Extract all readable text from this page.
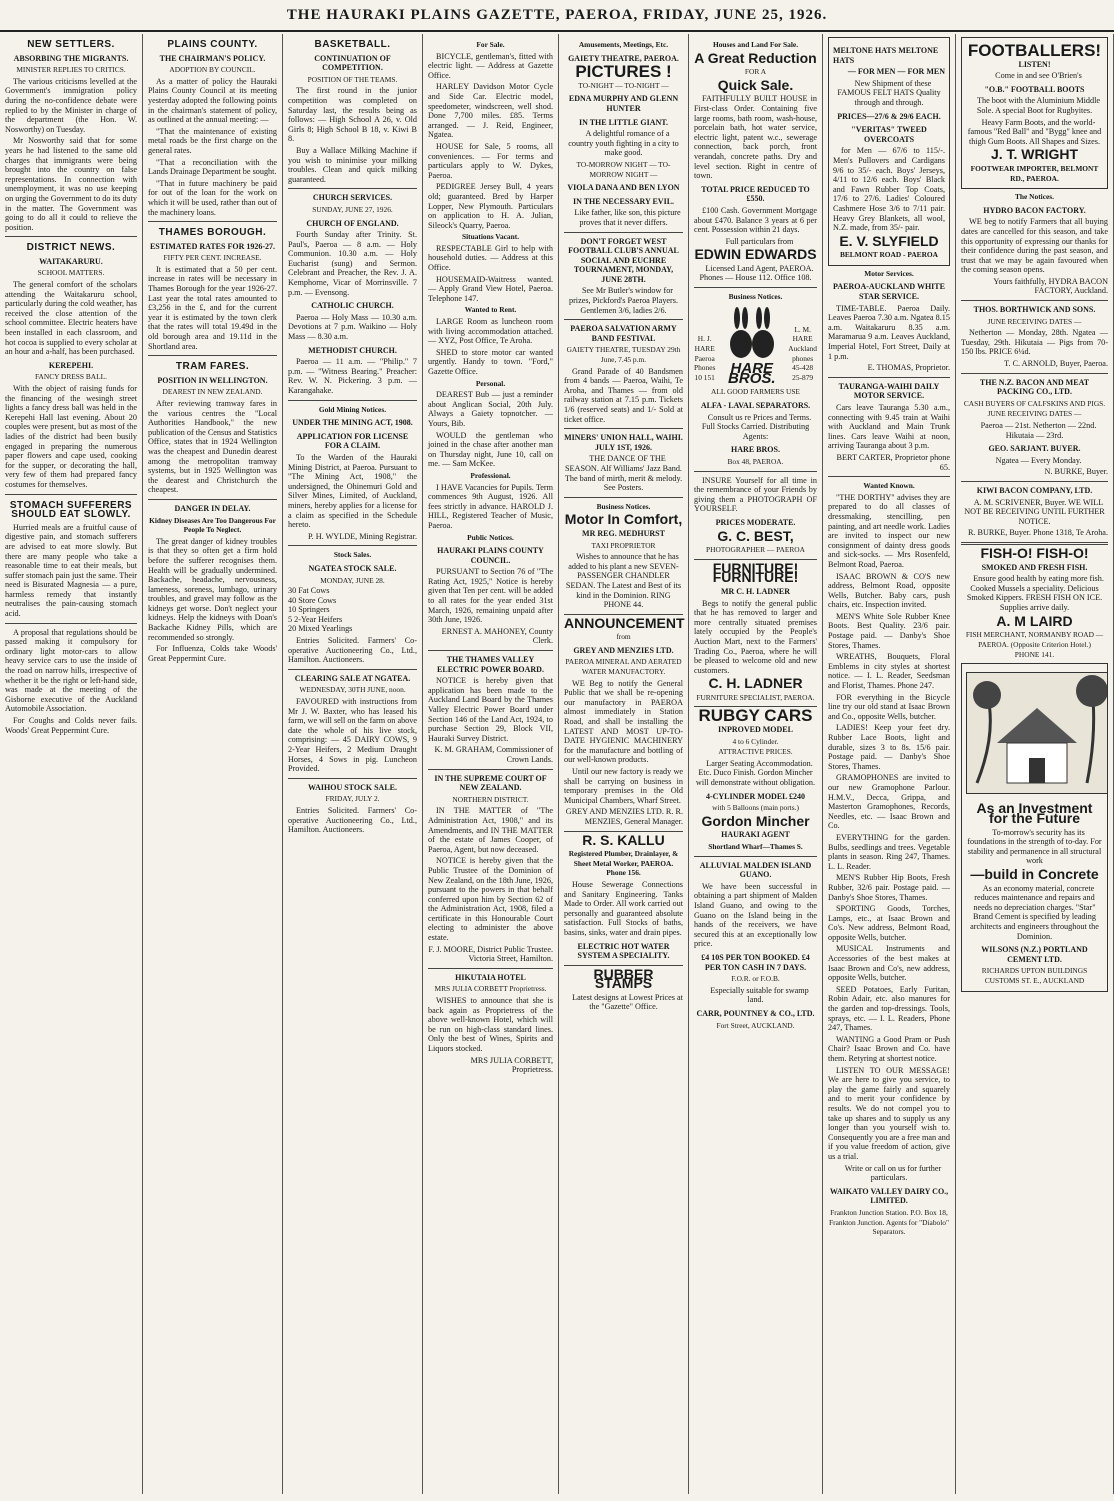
THE HAURAKI PLAINS GAZETTE, PAEROA, FRIDAY, JUNE 25, 1926.
NEW SETTLERS.
ABSORBING THE MIGRANTS.
MINISTER REPLIES TO CRITICS.

The various criticisms levelled at the Government's immigration policy during the no-confidence debate were replied to by the Minister in charge of the department (the Hon. W. Nosworthy) on Tuesday.

Mr Nosworthy said that for some years he had listened to the same old charges that immigrants were being brought into the country on false representations. In connection with unemployment, it was no use keeping on urging the Government to do its duty in the matter. The Government was going to do all it could to relieve the position.

DISTRICT NEWS.
WAITAKARURU.
SCHOOL MATTERS.

The general comfort of the scholars attending the Waitakaruru school, particularly during the cold weather, has received the close attention of the school committee. Electric heaters have been installed in each classroom, and hot cocoa is supplied to every scholar at an hour and a-half, has been purchased.

KEREPEHI.
FANCY DRESS BALL.

With the object of raising funds for the financing of the wesingh street lights a fancy dress ball was held in the Kerepehi Hall last evening. About 20 couples were present, but as most of the ladies of the district had been busily engaged in preparing the numerous paper flowers and cape used, cooking for the supper, or decorating the hall, very few of them had prepared fancy costumes for themselves.

STOMACH SUFFERERS SHOULD EAT SLOWLY.

Hurried meals are a fruitful cause of digestive pain, and stomach sufferers are advised to eat more slowly. But there are many people who take a reasonable time to eat their meals, but suffer stomach pain just the same. Their need is Bisurated Magnesia — a pure, harmless remedy that instantly neutralises the pain-causing stomach acid.

A proposal that regulations should be passed making it compulsory for ordinary light motor-cars to allow heavy service cars to use the inside of the road on narrow hills, irrespective of whether it be the right or left-hand side, was made at the meeting of the Gisborne executive of the Auckland Automobile Association.

For Coughs and Colds never fails. Woods' Great Peppermint Cure.

PLAINS COUNTY.
THE CHAIRMAN'S POLICY.
ADOPTION BY COUNCIL.

As a matter of policy the Hauraki Plains County Council at its meeting yesterday adopted the following points in the chairman's statement of policy, as outlined at the annual meeting: —

"That the maintenance of existing metal roads be the first charge on the general rates.

"That a reconciliation with the Lands Drainage Department be sought.

"That in future machinery be paid for out of the loan for the work on which it will be used, rather than out of the machinery loans.

THAMES BOROUGH.
ESTIMATED RATES FOR 1926-27.
FIFTY PER CENT. INCREASE.

It is estimated that a 50 per cent. increase in rates will be necessary in Thames Borough for the year 1926-27. Last year the total rates amounted to £3,256 in the £, and for the current year it is estimated by the town clerk that the rates will total 19.49d in the old borough area and 19.11d in the Shortland area.

TRAM FARES.
POSITION IN WELLINGTON.
DEAREST IN NEW ZEALAND.

After reviewing tramway fares in the various centres the "Local Authorities Handbook," the new publication of the Census and Statistics Office, states that in 1924 Wellington was the cheapest and Dunedin dearest among the metropolitan tramway systems, but in 1925 Wellington was the dearest and Christchurch the cheapest.

DANGER IN DELAY.
Kidney Diseases Are Too Dangerous For People To Neglect.

The great danger of kidney troubles is that they so often get a firm hold before the sufferer recognises them. Health will be gradually undermined. Backache, headache, nervousness, lameness, soreness, lumbago, urinary troubles, and gravel may follow as the kidneys get worse. Don't neglect your kidneys. Help the kidneys with Doan's Backache Kidney Pills, which are recommended so strongly.

For Influenza, Colds take Woods' Great Peppermint Cure.

BASKETBALL.
CONTINUATION OF COMPETITION.
POSITION OF THE TEAMS.

The first round in the junior competition was completed on Saturday last, the results being as follows: — High School A 26, v. Old Girls 8; High School B 18, v. Kiwi B 8.

Buy a Wallace Milking Machine if you wish to minimise your milking troubles. Clean and quick milking guaranteed.

CHURCH SERVICES.
SUNDAY, JUNE 27, 1926.
CHURCH OF ENGLAND.

Fourth Sunday after Trinity. St. Paul's, Paeroa — 8 a.m. — Holy Communion. 10.30 a.m. — Holy Eucharist (sung) and Sermon. Celebrant and Preacher, the Rev. J. A. Kemphorne, Vicar of Morrinsville. 7 p.m. — Evensong.

CATHOLIC CHURCH.

Paeroa — Holy Mass — 10.30 a.m. Devotions at 7 p.m. Waikino — Holy Mass — 8.30 a.m.

METHODIST CHURCH.

Paeroa — 11 a.m. — "Philip." 7 p.m. — "Witness Bearing." Preacher: Rev. W. N. Pickering. 3 p.m. — Karangahake.

Gold Mining Notices.
UNDER THE MINING ACT, 1908.
APPLICATION FOR LICENSE FOR A CLAIM.

To the Warden of the Hauraki Mining District, at Paeroa. Pursuant to "The Mining Act, 1908," the undersigned, the Ohinemuri Gold and Silver Mines, Limited, of Auckland, miners, hereby applies for a license for a claim as specified in the Schedule hereto.

P. H. WYLDE, Mining Registrar.
Stock Sales.
NGATEA STOCK SALE.
MONDAY, JUNE 28.
30 Fat Cows
40 Store Cows
10 Springers
5 2-Year Heifers
20 Mixed Yearlings

Entries Solicited. Farmers' Co-operative Auctioneering Co., Ltd., Hamilton. Auctioneers.

CLEARING SALE AT NGATEA.
WEDNESDAY, 30TH JUNE, noon.

FAVOURED with instructions from Mr J. W. Baxter, who has leased his farm, we will sell on the farm on above date the whole of his live stock, comprising: — 45 DAIRY COWS, 9 2-Year Heifers, 2 Medium Draught Horses, 4 Sows in pig. Luncheon Provided.

WAIHOU STOCK SALE.
FRIDAY, JULY 2.

Entries Solicited. Farmers' Co-operative Auctioneering Co., Ltd., Hamilton. Auctioneers.

For Sale.

BICYCLE, gentleman's, fitted with electric light. — Address at Gazette Office.

HARLEY Davidson Motor Cycle and Side Car. Electric model, speedometer, windscreen, well shod. Done 7,700 miles. £85. Terms arranged. — J. Reid, Engineer, Ngatea.

HOUSE for Sale, 5 rooms, all conveniences. — For terms and particulars apply to W. Dykes, Paeroa.

PEDIGREE Jersey Bull, 4 years old; guaranteed. Bred by Harper Lopper, New Plymouth. Particulars on application to H. A. Julian, Sileock's Quarry, Paeroa.

Situations Vacant.

RESPECTABLE Girl to help with household duties. — Address at this Office.

HOUSEMAID-Waitress wanted. — Apply Grand View Hotel, Paeroa. Telephone 147.

Wanted to Rent.

LARGE Room as luncheon room with living accommodation attached. — XYZ, Post Office, Te Aroha.

SHED to store motor car wanted urgently. Handy to town. "Ford," Gazette Office.

Personal.

DEAREST Bub — just a reminder about Anglican Social, 20th July. Always a Gaiety topnotcher. — Yours, Bib.

WOULD the gentleman who joined in the chase after another man on Thursday night, June 10, call on me. — Sam McKee.

Professional.

I HAVE Vacancies for Pupils. Term commences 9th August, 1926. All fees strictly in advance. HAROLD J. HILL, Registered Teacher of Music, Paeroa.

Public Notices.
HAURAKI PLAINS COUNTY COUNCIL.

PURSUANT to Section 76 of "The Rating Act, 1925," Notice is hereby given that Ten per cent. will be added to all rates for the year ended 31st March, 1926, remaining unpaid after 30th June, 1926.

ERNEST A. MAHONEY, County Clerk.
THE THAMES VALLEY ELECTRIC POWER BOARD.

NOTICE is hereby given that application has been made to the Auckland Land Board by the Thames Valley Electric Power Board under Section 146 of the Land Act, 1924, to purchase Section 29, Block VII, Hauraki Survey District.

K. M. GRAHAM, Commissioner of Crown Lands.
IN THE SUPREME COURT OF NEW ZEALAND.
NORTHERN DISTRICT.

IN THE MATTER of "The Administration Act, 1908," and its Amendments, and IN THE MATTER of the estate of James Cooper, of Paeroa, Agent, but now deceased.

NOTICE is hereby given that the Public Trustee of the Dominion of New Zealand, on the 18th June, 1926, pursuant to the powers in that behalf conferred upon him by Section 62 of the Administration Act, 1908, filed a certificate in this Honourable Court electing to administer the above estate.

F. J. MOORE, District Public Trustee. Victoria Street, Hamilton.
HIKUTAIA HOTEL
MRS JULIA CORBETT Proprietress.

WISHES to announce that she is back again as Proprietress of the above well-known Hotel, which will be run on high-class standard lines. Only the best of Wines, Spirits and Liquors stocked.

MRS JULIA CORBETT, Proprietress.
Amusements, Meetings, Etc.
GAIETY THEATRE, PAEROA.
PICTURES !
TO-NIGHT — TO-NIGHT —
EDNA MURPHY AND GLENN HUNTER
IN THE LITTLE GIANT.

A delightful romance of a country youth fighting in a city to make good.

TO-MORROW NIGHT — TO-MORROW NIGHT —
VIOLA DANA AND BEN LYON
IN THE NECESSARY EVIL.

Like father, like son, this picture proves that it never differs.

DON'T FORGET WEST FOOTBALL CLUB'S ANNUAL SOCIAL AND EUCHRE TOURNAMENT, MONDAY, JUNE 28TH.

See Mr Butler's window for prizes, Pickford's Paeroa Players. Gentlemen 3/6, ladies 2/6.

PAEROA SALVATION ARMY BAND FESTIVAL
GAIETY THEATRE, TUESDAY 29th June, 7.45 p.m.

Grand Parade of 40 Bandsmen from 4 bands — Paeroa, Waihi, Te Aroha, and Thames — from old railway station at 7.15 p.m. Tickets 1/6 (reserved seats) and 1/- Sold at ticket office.

MINERS' UNION HALL, WAIHI. JULY 1ST, 1926.

THE DANCE OF THE SEASON. Alf Williams' Jazz Band. The band of mirth, merit & melody. See Posters.

Business Notices.
Motor In Comfort,
MR REG. MEDHURST
TAXI PROPRIETOR

Wishes to announce that he has added to his plant a new SEVEN-PASSENGER CHANDLER SEDAN. The Latest and Best of its kind in the Dominion. RING PHONE 44.

ANNOUNCEMENT
from
GREY AND MENZIES LTD.
PAEROA MINERAL AND AERATED WATER MANUFACTORY.

WE Beg to notify the General Public that we shall be re-opening our manufactory in PAEROA almost immediately in Station Road, and shall be installing the LATEST AND MOST UP-TO-DATE HYGIENIC MACHINERY for the manufacture and bottling of our well-known products.

Until our new factory is ready we shall be carrying on business in temporary premises in the Old Municipal Chambers, Wharf Street.

GREY AND MENZIES LTD. R. R. MENZIES, General Manager.
R. S. KALLU
Registered Plumber, Drainlayer, & Sheet Metal Worker, PAEROA. Phone 156.

House Sewerage Connections and Sanitary Engineering. Tanks Made to Order. All work carried out personally and guaranteed absolute satisfaction. Full Stocks of baths, basins, sinks, water and drain pipes.

ELECTRIC HOT WATER SYSTEM A SPECIALITY.
RUBBER STAMPS

Latest designs at Lowest Prices at the "Gazette" Office.

Houses and Land For Sale.
A Great Reduction
FOR A
Quick Sale.

FAITHFULLY BUILT HOUSE in First-class Order. Containing five large rooms, bath room, wash-house, porcelain bath, hot water service, electric light, patent w.c., sewerage connection, back porch, front verandah, concrete paths. Dry and level section. Right in centre of town.

TOTAL PRICE REDUCED TO £550.

£100 Cash. Government Mortgage about £470. Balance 3 years at 6 per cent. Possession within 21 days.

Full particulars from

EDWIN EDWARDS

Licensed Land Agent, PAEROA. Phones — House 112. Office 108.

Business Notices.
H. J. HARE Paeroa Phones 10 151
HARE BROS.
L. M. HARE Auckland phones 45-428 25-879
ALL GOOD FARMERS USE
ALFA - LAVAL SEPARATORS.

Consult us re Prices and Terms. Full Stocks Carried. Distributing Agents:

HARE BROS.
Box 48, PAEROA.

INSURE Yourself for all time in the remembrance of your Friends by giving them a PHOTOGRAPH OF YOURSELF.

PRICES MODERATE.
G. C. BEST,
PHOTOGRAPHER — PAEROA
FURNITURE! FURNITURE!
MR C. H. LADNER

Begs to notify the general public that he has removed to larger and more centrally situated premises lately occupied by the People's Auction Mart, next to the Farmers' Trading Co., Paeroa, where he will be pleased to welcome old and new customers.

C. H. LADNER
FURNITURE SPECIALIST, PAEROA.
RUBGY CARS
INPROVED MODEL
4 to 6 Cylinder.
ATTRACTIVE PRICES.

Larger Seating Accommodation. Etc. Duco Finish. Gordon Mincher will demonstrate without obligation.

4-CYLINDER MODEL £240
with 5 Balloons (main ports.)
Gordon Mincher
HAURAKI AGENT
Shortland Wharf—Thames S.
ALLUVIAL MALDEN ISLAND GUANO.

We have been successful in obtaining a part shipment of Malden Island Guano, and owing to the Guano on the Island being in the hands of the receivers, we have secured this at an exceptionally low price.

£4 10S PER TON BOOKED. £4 PER TON CASH IN 7 DAYS.
F.O.R. or F.O.B.

Especially suitable for swamp land.

CARR, POUNTNEY & CO., LTD.
Fort Street, AUCKLAND.
MELTONE HATS MELTONE HATS
— FOR MEN — FOR MEN

New Shipment of these FAMOUS FELT HATS Quality through and through.

PRICES—27/6 & 29/6 EACH.
"VERITAS" TWEED OVERCOATS

for Men — 67/6 to 115/-. Men's Pullovers and Cardigans 9/6 to 35/- each. Boys' Jerseys, 4/11 to 12/6 each. Boys' Black and Fawn Rubber Top Coats, 17/6 to 27/6. Ladies' Coloured Cashmere Hose 3/6 to 7/11 pair. Heavy Grey Blankets, all wool, N.Z. made, from 35/- pair.

E. V. SLYFIELD
BELMONT ROAD - PAEROA
Motor Services.
PAEROA-AUCKLAND WHITE STAR SERVICE.

TIME-TABLE. Paeroa Daily. Leaves Paeroa 7.30 a.m. Ngatea 8.15 a.m. Waitakaruru 8.35 a.m. Maramarua 9 a.m. Leaves Auckland, Imperial Hotel, Fort Street, Daily at 1 p.m.

E. THOMAS, Proprietor.
TAURANGA-WAIHI DAILY MOTOR SERVICE.

Cars leave Tauranga 5.30 a.m., connecting with 9.45 train at Waihi with Auckland and Main Trunk lines. Cars leave Waihi at noon, arriving Tauranga about 3 p.m.

BERT CARTER, Proprietor phone 65.
Wanted Known.

"THE DORTHY" advises they are prepared to do all classes of dressmaking, stencilling, pen painting, and art needle work. Ladies are invited to inspect our new consignment of dainty dress goods and sick-socks. — Mrs Rosenfeld, Belmont Road, Paeroa.

ISAAC BROWN & CO'S new address, Belmont Road, opposite Wells, Butcher. Baby cars, push chairs, etc. Inspection invited.

MEN'S White Sole Rubber Knee Boots. Best Quality. 23/6 pair. Postage paid. — Danby's Shoe Stores, Thames.

WREATHS, Bouquets, Floral Emblems in city styles at shortest notice. — I. L. Reader, Seedsman and Florist, Thames. Phone 247.

FOR everything in the Bicycle line try our old stand at Isaac Brown and Co., opposite Wells, butcher.

LADIES! Keep your feet dry. Rubber Lace Boots, light and durable, sizes 3 to 8s. 15/6 pair. Postage paid. — Danby's Shoe Stores, Thames.

GRAMOPHONES are invited to our new Gramophone Parlour. H.M.V., Decca, Grippa, and Masterton Gramophones, Records, Needles, etc. — Isaac Brown and Co.

EVERYTHING for the garden. Bulbs, seedlings and trees. Vegetable plants in season. Ring 247, Thames. L. L. Reader.

MEN'S Rubber Hip Boots, Fresh Rubber, 32/6 pair. Postage paid. — Danby's Shoe Stores, Thames.

SPORTING Goods, Torches, Lamps, etc., at Isaac Brown and Co's. New address, Belmont Road, opposite Wells, butcher.

MUSICAL Instruments and Accessories of the best makes at Isaac Brown and Co's, new address, opposite Wells, butcher.

SEED Potatoes, Early Furitan, Robin Adair, etc. also manures for the garden and top-dressings. Tools, sprays, etc. — I. L. Readers, Phone 247, Thames.

WANTING a Good Pram or Push Chair? Isaac Brown and Co. have them. Retyring at shortest notice.

LISTEN TO OUR MESSAGE! We are here to give you service, to play the game fairly and squarely and to merit your confidence by results. We do not compel you to take up shares and to supply us any longer than you yourself wish to. Consequently you are a free man and if you value freedom of action, give us a trial.

Write or call on us for further particulars.

WAIKATO VALLEY DAIRY CO., LIMITED.
Frankton Junction Station. P.O. Box 18, Frankton Junction. Agents for "Diabolo" Separators.
FOOTBALLERS!
LISTEN!

Come in and see O'Brien's

"O.B." FOOTBALL BOOTS

The boot with the Aluminium Middle Sole. A special Boot for Rugbyites.

Heavy Farm Boots, and the world-famous "Red Ball" and "Bygg" knee and thigh Gum Boots. All Shapes and Sizes.

J. T. WRIGHT
FOOTWEAR IMPORTER, BELMONT RD., PAEROA.
The Notices.
HYDRO BACON FACTORY.

WE beg to notify Farmers that all buying dates are cancelled for this season, and take this opportunity of expressing our thanks for their confidence during the past season, and trust that we may be again favoured when the coming season opens.

Yours faithfully, HYDRA BACON FACTORY, Auckland.
THOS. BORTHWICK AND SONS.
JUNE RECEIVING DATES —

Netherton — Monday, 28th. Ngatea — Tuesday, 29th. Hikutaia — Pigs from 70-150 lbs. PRICE 6¼d.

T. C. ARNOLD, Buyer, Paeroa.
THE N.Z. BACON AND MEAT PACKING CO., LTD.
CASH BUYERS OF CALFSKINS AND PIGS.
JUNE RECEIVING DATES —

Paeroa — 21st. Netherton — 22nd. Hikutaia — 23rd.

GEO. SARJANT. BUYER.

Ngatea — Every Monday.

N. BURKE, Buyer.
KIWI BACON COMPANY, LTD.

A. M. SCRIVENER, Buyer. WE WILL NOT BE RECEIVING UNTIL FURTHER NOTICE.

R. BURKE, Buyer. Phone 1318, Te Aroha.
FISH-O! FISH-O!
SMOKED AND FRESH FISH.

Ensure good health by eating more fish. Cooked Mussels a speciality. Delicious Smoked Kippers. FRESH FISH ON ICE. Supplies arrive daily.

A. M LAIRD
FISH MERCHANT, NORMANBY ROAD — PAEROA. (Opposite Criterion Hotel.)
PHONE 141.
As an Investment for the Future

To-morrow's security has its foundations in the strength of to-day. For stability and permanence in all structural work

—build in Concrete

As an economy material, concrete reduces maintenance and repairs and needs no depreciation charges. "Star" Brand Cement is specified by leading architects and engineers throughout the Dominion.

WILSONS (N.Z.) PORTLAND CEMENT LTD.
RICHARDS UPTON BUILDINGS CUSTOMS ST. E., AUCKLAND
